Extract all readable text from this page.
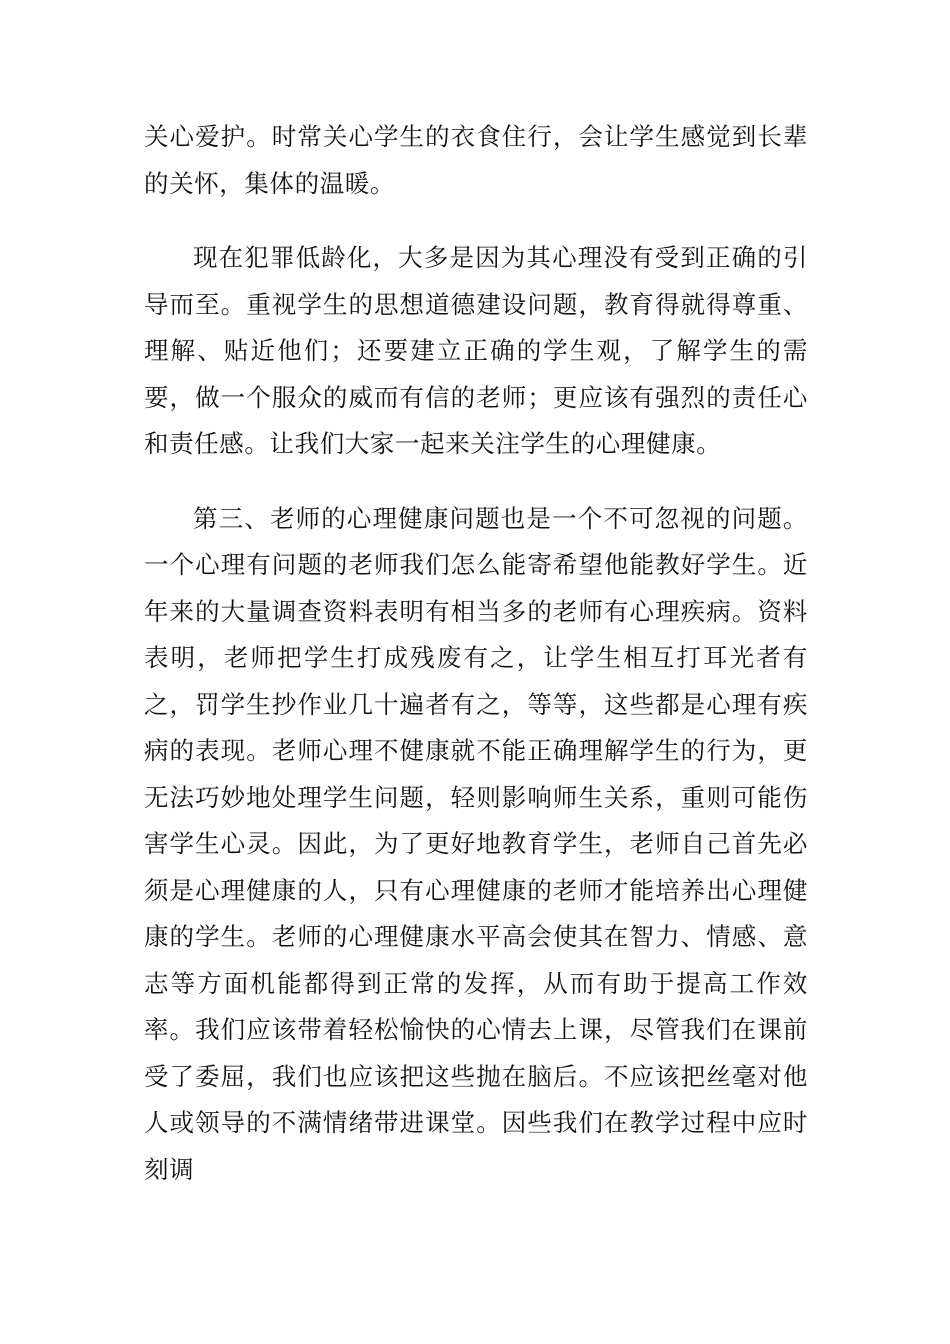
关心爱护。时常关心学生的衣食住行，会让学生感觉到长辈的关怀，集体的温暖。

现在犯罪低龄化，大多是因为其心理没有受到正确的引导而至。重视学生的思想道德建设问题，教育得就得尊重、理解、贴近他们；还要建立正确的学生观，了解学生的需要，做一个服众的威而有信的老师；更应该有强烈的责任心和责任感。让我们大家一起来关注学生的心理健康。

第三、老师的心理健康问题也是一个不可忽视的问题。一个心理有问题的老师我们怎么能寄希望他能教好学生。近年来的大量调查资料表明有相当多的老师有心理疾病。资料表明，老师把学生打成残废有之，让学生相互打耳光者有之，罚学生抄作业几十遍者有之，等等，这些都是心理有疾病的表现。老师心理不健康就不能正确理解学生的行为，更无法巧妙地处理学生问题，轻则影响师生关系，重则可能伤害学生心灵。因此，为了更好地教育学生，老师自己首先必须是心理健康的人，只有心理健康的老师才能培养出心理健康的学生。老师的心理健康水平高会使其在智力、情感、意志等方面机能都得到正常的发挥，从而有助于提高工作效率。我们应该带着轻松愉快的心情去上课，尽管我们在课前受了委屈，我们也应该把这些抛在脑后。不应该把丝毫对他人或领导的不满情绪带进课堂。因些我们在教学过程中应时刻调
